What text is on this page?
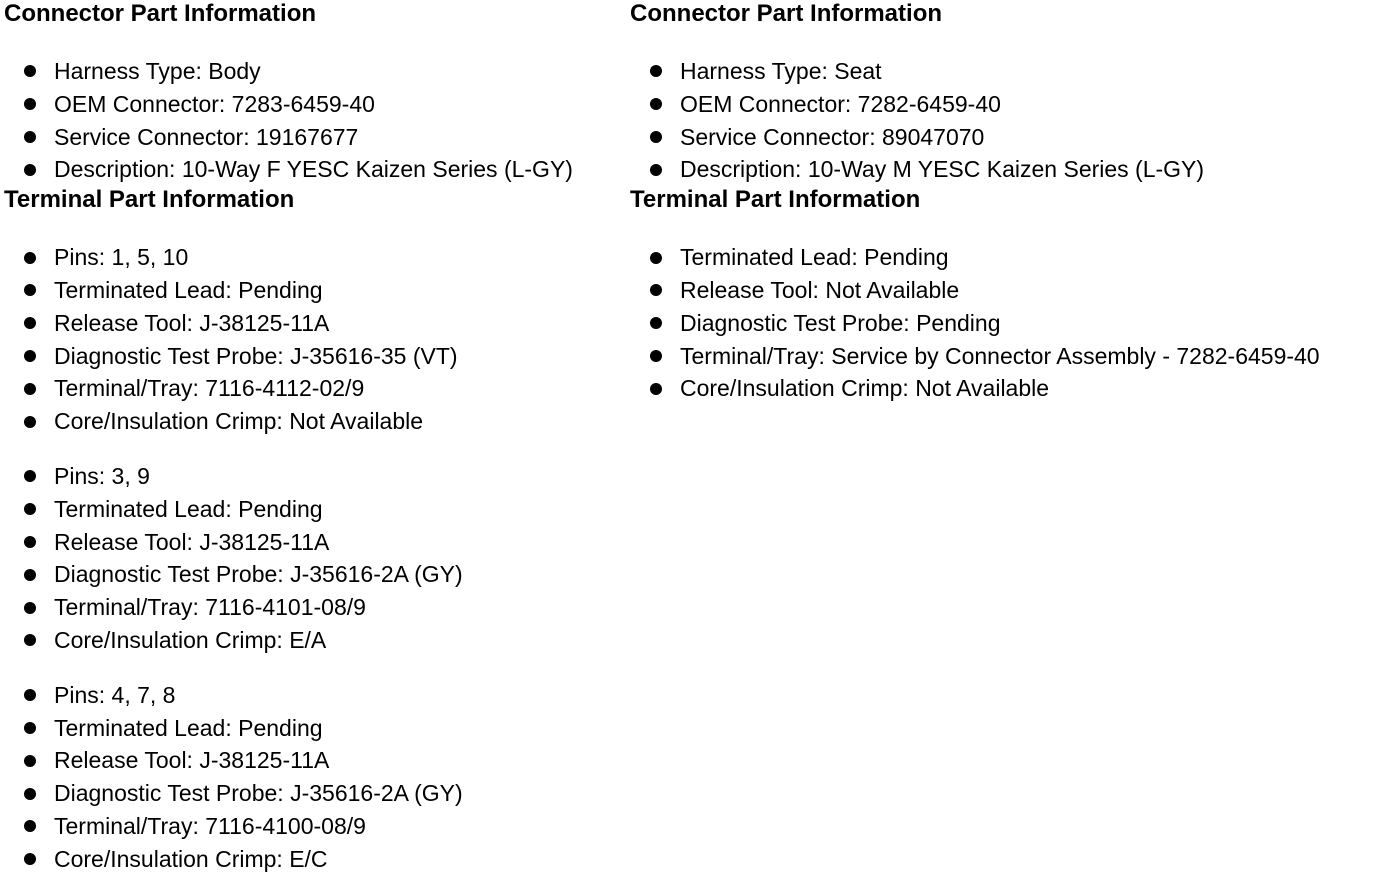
Connector Part Information
Harness Type: Body
OEM Connector: 7283-6459-40
Service Connector: 19167677
Description: 10-Way F YESC Kaizen Series (L-GY)
Terminal Part Information
Pins: 1, 5, 10
Terminated Lead: Pending
Release Tool: J-38125-11A
Diagnostic Test Probe: J-35616-35 (VT)
Terminal/Tray: 7116-4112-02/9
Core/Insulation Crimp: Not Available
Pins: 3, 9
Terminated Lead: Pending
Release Tool: J-38125-11A
Diagnostic Test Probe: J-35616-2A (GY)
Terminal/Tray: 7116-4101-08/9
Core/Insulation Crimp: E/A
Pins: 4, 7, 8
Terminated Lead: Pending
Release Tool: J-38125-11A
Diagnostic Test Probe: J-35616-2A (GY)
Terminal/Tray: 7116-4100-08/9
Core/Insulation Crimp: E/C
Connector Part Information
Harness Type: Seat
OEM Connector: 7282-6459-40
Service Connector: 89047070
Description: 10-Way M YESC Kaizen Series (L-GY)
Terminal Part Information
Terminated Lead: Pending
Release Tool: Not Available
Diagnostic Test Probe: Pending
Terminal/Tray: Service by Connector Assembly - 7282-6459-40
Core/Insulation Crimp: Not Available
